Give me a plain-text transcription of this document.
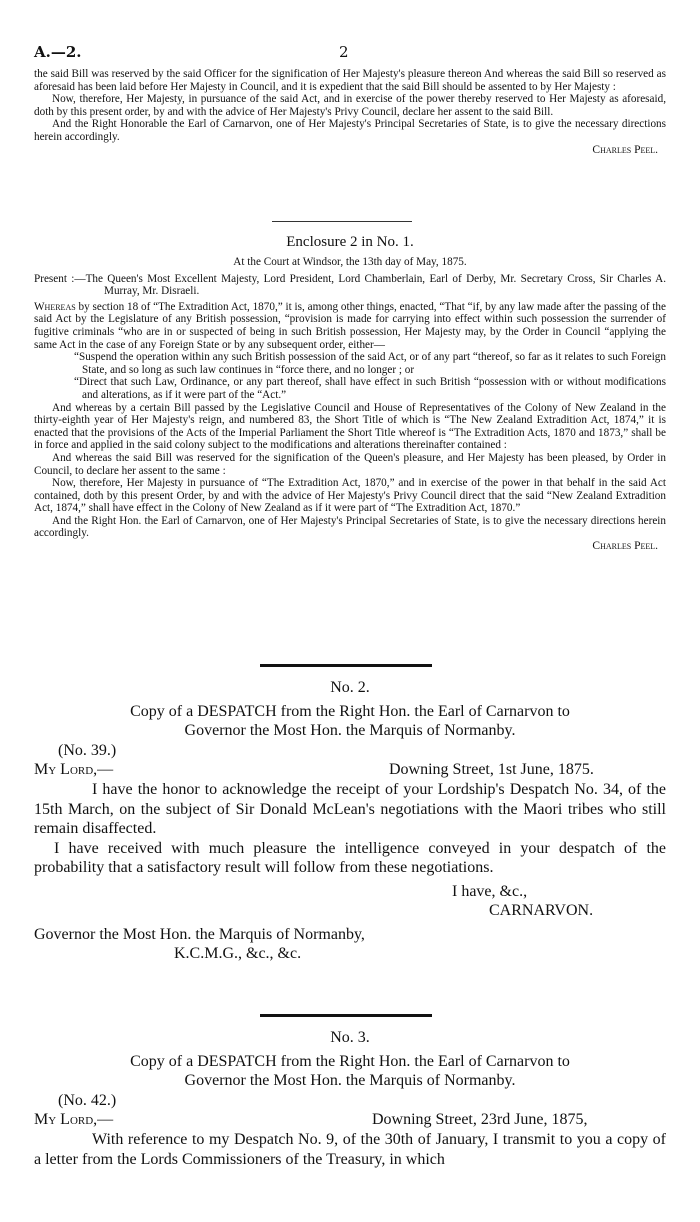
A.—2.	2

the said Bill was reserved by the said Officer for the signification of Her Majesty's pleasure thereon And whereas the said Bill so reserved as aforesaid has been laid before Her Majesty in Council, and it is expedient that the said Bill should be assented to by Her Majesty :

Now, therefore, Her Majesty, in pursuance of the said Act, and in exercise of the power thereby reserved to Her Majesty as aforesaid, doth by this present order, by and with the advice of Her Majesty's Privy Council, declare her assent to the said Bill.

And the Right Honorable the Earl of Carnarvon, one of Her Majesty's Principal Secretaries of State, is to give the necessary directions herein accordingly.

Charles Peel.
Enclosure 2 in No. 1.
At the Court at Windsor, the 13th day of May, 1875.

Present :—The Queen's Most Excellent Majesty, Lord President, Lord Chamberlain, Earl of Derby, Mr. Secretary Cross, Sir Charles A. Murray, Mr. Disraeli.

Whereas by section 18 of “The Extradition Act, 1870,” it is, among other things, enacted, “That “if, by any law made after the passing of the said Act by the Legislature of any British possession, “provision is made for carrying into effect within such possession the surrender of fugitive criminals “who are in or suspected of being in such British possession, Her Majesty may, by the Order in Council “applying the same Act in the case of any Foreign State or by any subsequent order, either—

“Suspend the operation within any such British possession of the said Act, or of any part “thereof, so far as it relates to such Foreign State, and so long as such law continues in “force there, and no longer ; or

“Direct that such Law, Ordinance, or any part thereof, shall have effect in such British “possession with or without modifications and alterations, as if it were part of the “Act.”

And whereas by a certain Bill passed by the Legislative Council and House of Representatives of the Colony of New Zealand in the thirty-eighth year of Her Majesty's reign, and numbered 83, the Short Title of which is “The New Zealand Extradition Act, 1874,” it is enacted that the provisions of the Acts of the Imperial Parliament the Short Title whereof is “The Extradition Acts, 1870 and 1873,” shall be in force and applied in the said colony subject to the modifications and alterations thereinafter contained :

And whereas the said Bill was reserved for the signification of the Queen's pleasure, and Her Majesty has been pleased, by Order in Council, to declare her assent to the same :

Now, therefore, Her Majesty in pursuance of “The Extradition Act, 1870,” and in exercise of the power in that behalf in the said Act contained, doth by this present Order, by and with the advice of Her Majesty's Privy Council direct that the said “New Zealand Extradition Act, 1874,” shall have effect in the Colony of New Zealand as if it were part of “The Extradition Act, 1870.”

And the Right Hon. the Earl of Carnarvon, one of Her Majesty's Principal Secretaries of State, is to give the necessary directions herein accordingly.

Charles Peel.
No. 2.
Copy of a DESPATCH from the Right Hon. the Earl of Carnarvon to
Governor the Most Hon. the Marquis of Normanby.
(No. 39.)
My Lord,—	Downing Street, 1st June, 1875.

I have the honor to acknowledge the receipt of your Lordship's Despatch No. 34, of the 15th March, on the subject of Sir Donald McLean's negotiations with the Maori tribes who still remain disaffected.

I have received with much pleasure the intelligence conveyed in your despatch of the probability that a satisfactory result will follow from these negotiations.

I have, &c.,
CARNARVON.
Governor the Most Hon. the Marquis of Normanby,
K.C.M.G., &c., &c.
No. 3.
Copy of a DESPATCH from the Right Hon. the Earl of Carnarvon to
Governor the Most Hon. the Marquis of Normanby.
(No. 42.)
My Lord,—	Downing Street, 23rd June, 1875,

With reference to my Despatch No. 9, of the 30th of January, I transmit to you a copy of a letter from the Lords Commissioners of the Treasury, in which
